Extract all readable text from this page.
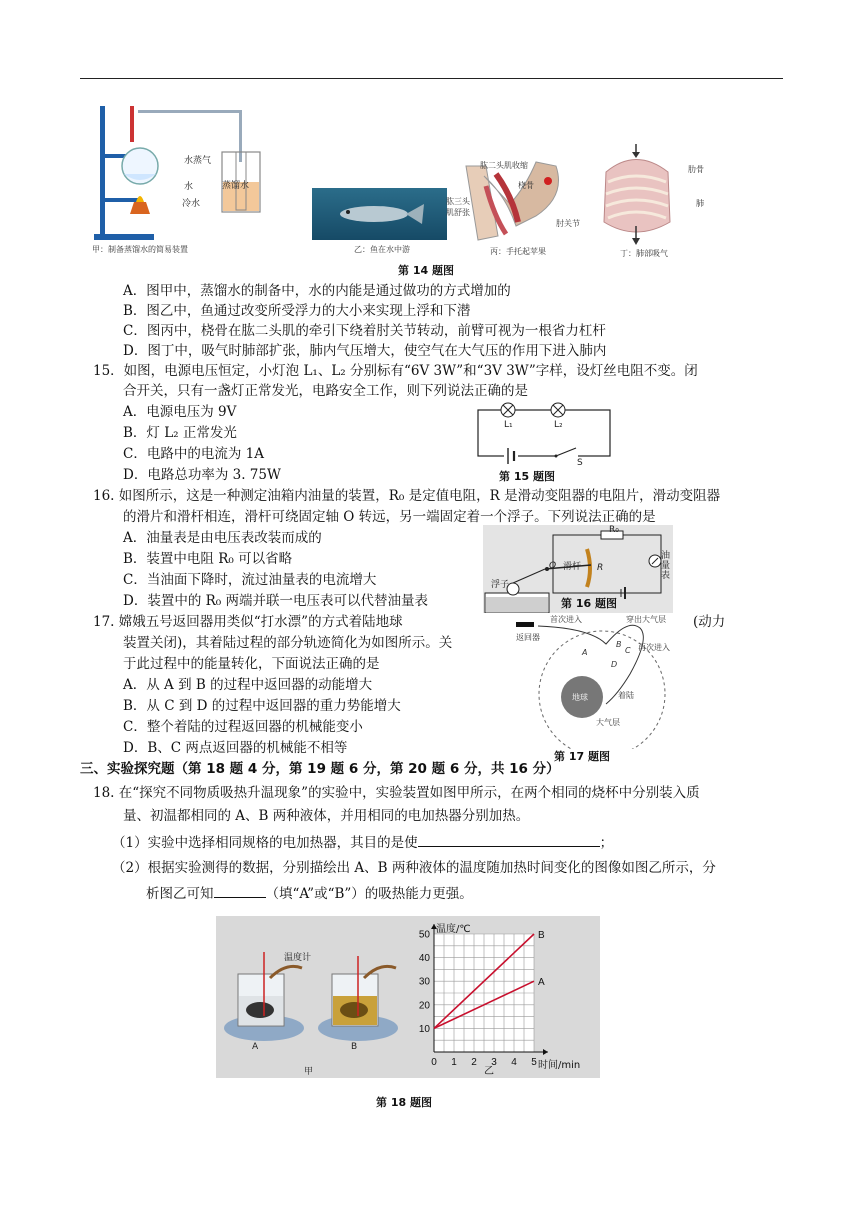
水蒸气
水
冷水
蒸馏水
甲：制备蒸馏水的简易装置	乙：鱼在水中游
肱二头肌收缩
桡骨
肱三头肌舒张
肘关节
丙：手托起苹果
肋骨
肺
丁：肺部吸气
第 14 题图
A．图甲中，蒸馏水的制备中，水的内能是通过做功的方式增加的
B．图乙中，鱼通过改变所受浮力的大小来实现上浮和下潜
C．图丙中，桡骨在肱二头肌的牵引下绕着肘关节转动，前臂可视为一根省力杠杆
D．图丁中，吸气时肺部扩张，肺内气压增大，使空气在大气压的作用下进入肺内
15．如图，电源电压恒定，小灯泡 L₁、L₂ 分别标有“6V 3W”和“3V 3W”字样，设灯丝电阻不变。闭
合开关，只有一盏灯正常发光，电路安全工作，则下列说法正确的是
A．电源电压为 9V
B．灯 L₂ 正常发光
C．电路中的电流为 1A
D．电路总功率为 3. 75W
L₁	L₂
S
第 15 题图
16. 如图所示，这是一种测定油箱内油量的装置，R₀ 是定值电阻，R 是滑动变阻器的电阻片，滑动变阻器
的滑片和滑杆相连，滑杆可绕固定轴 O 转远，另一端固定着一个浮子。下列说法正确的是
A．油量表是由电压表改装而成的
B．装置中电阻 R₀ 可以省略
C．当油面下降时，流过油量表的电流增大
D．装置中的 R₀ 两端并联一电压表可以代替油量表
R₀
滑杆 R
浮子
O
油量表
第 16 题图
17. 嫦娥五号返回器用类似“打水漂”的方式着陆地球	(动力
装置关闭)，其着陆过程的部分轨迹简化为如图所示。关
于此过程中的能量转化，下面说法正确的是
A．从 A 到 B 的过程中返回器的动能增大
B．从 C 到 D 的过程中返回器的重力势能增大
C．整个着陆的过程返回器的机械能变小
D．B、C 两点返回器的机械能不相等
首次进入	穿出大气层
返回器
再次进入
A
B
C
D
地球	着陆
大气层
第 17 题图
三、实验探究题（第 18 题 4 分，第 19 题 6 分，第 20 题 6 分，共 16 分）
18. 在“探究不同物质吸热升温现象”的实验中，实验装置如图甲所示，在两个相同的烧杯中分别装入质
量、初温都相同的 A、B 两种液体，并用相同的电加热器分别加热。
（1）实验中选择相同规格的电加热器，其目的是使	；
（2）根据实验测得的数据，分别描绘出 A、B 两种液体的温度随加热时间变化的图像如图乙所示，分
析图乙可知	（填“A”或“B”）的吸热能力更强。
温度计
A	B
甲
0 1 2 3 4 5
10
20
30
40
50 温度/℃
时间/min
B
A
乙
第 18 题图
